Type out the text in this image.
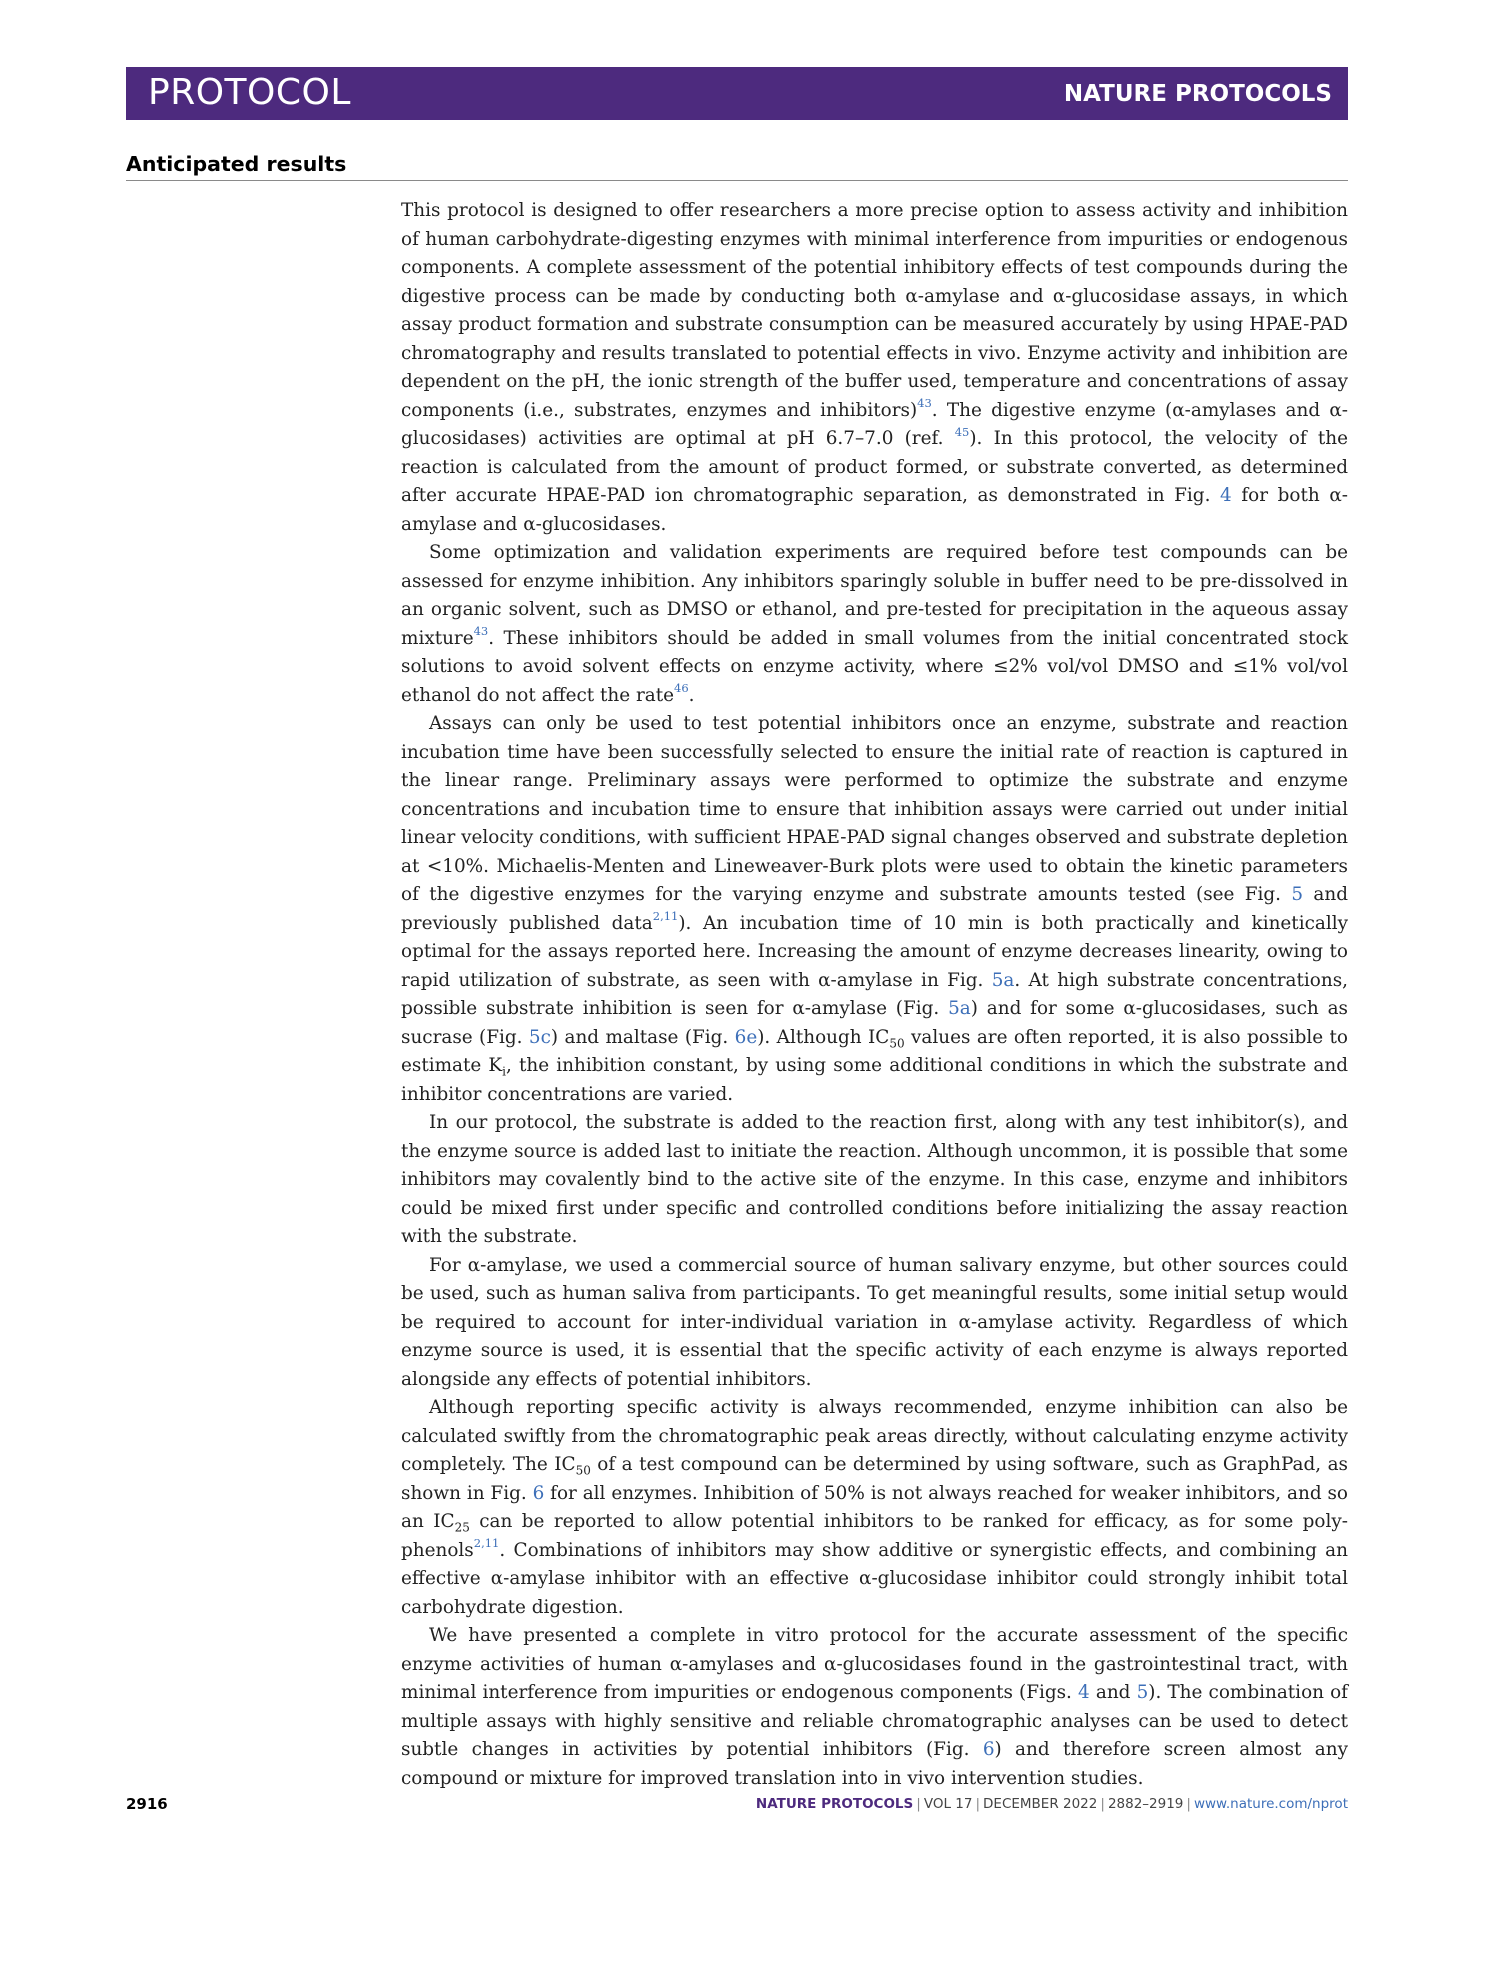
PROTOCOL	NATURE PROTOCOLS
Anticipated results

This protocol is designed to offer researchers a more precise option to assess activity and inhibition of human carbohydrate-digesting enzymes with minimal interference from impurities or endogenous components. A complete assessment of the potential inhibitory effects of test compounds during the digestive process can be made by conducting both α-amylase and α-glucosidase assays, in which assay product formation and substrate consumption can be measured accurately by using HPAE-PAD chromatography and results translated to potential effects in vivo. Enzyme activity and inhibition are dependent on the pH, the ionic strength of the buffer used, temperature and concentrations of assay components (i.e., substrates, enzymes and inhibitors)$^{43}$. The digestive enzyme (α-amylases and α-glucosidases) activities are optimal at pH 6.7–7.0 (ref. $^{45}$). In this protocol, the velocity of the reaction is calculated from the amount of product formed, or substrate converted, as determined after accurate HPAE-PAD ion chromatographic separation, as demonstrated in Fig. 4 for both α-amylase and α-glucosidases.

Some optimization and validation experiments are required before test compounds can be assessed for enzyme inhibition. Any inhibitors sparingly soluble in buffer need to be pre-dissolved in an organic solvent, such as DMSO or ethanol, and pre-tested for precipitation in the aqueous assay mixture$^{43}$. These inhibitors should be added in small volumes from the initial concentrated stock solutions to avoid solvent effects on enzyme activity, where ≤2% vol/vol DMSO and ≤1% vol/vol ethanol do not affect the rate$^{46}$.

Assays can only be used to test potential inhibitors once an enzyme, substrate and reaction incubation time have been successfully selected to ensure the initial rate of reaction is captured in the linear range. Preliminary assays were performed to optimize the substrate and enzyme concentrations and incubation time to ensure that inhibition assays were carried out under initial linear velocity conditions, with sufficient HPAE-PAD signal changes observed and substrate depletion at <10%. Michaelis-Menten and Lineweaver-Burk plots were used to obtain the kinetic parameters of the digestive enzymes for the varying enzyme and substrate amounts tested (see Fig. 5 and previously published data$^{2,11}$). An incubation time of 10 min is both practically and kinetically optimal for the assays reported here. Increasing the amount of enzyme decreases linearity, owing to rapid utilization of substrate, as seen with α-amylase in Fig. 5a. At high substrate concentrations, possible substrate inhibition is seen for α-amylase (Fig. 5a) and for some α-glucosidases, such as sucrase (Fig. 5c) and maltase (Fig. 6e). Although $IC_{50}$ values are often reported, it is also possible to estimate $K_i$, the inhibition constant, by using some additional conditions in which the substrate and inhibitor concentrations are varied.

In our protocol, the substrate is added to the reaction first, along with any test inhibitor(s), and the enzyme source is added last to initiate the reaction. Although uncommon, it is possible that some inhibitors may covalently bind to the active site of the enzyme. In this case, enzyme and inhibitors could be mixed first under specific and controlled conditions before initializing the assay reaction with the substrate.

For α-amylase, we used a commercial source of human salivary enzyme, but other sources could be used, such as human saliva from participants. To get meaningful results, some initial setup would be required to account for inter-individual variation in α-amylase activity. Regardless of which enzyme source is used, it is essential that the specific activity of each enzyme is always reported alongside any effects of potential inhibitors.

Although reporting specific activity is always recommended, enzyme inhibition can also be calculated swiftly from the chromatographic peak areas directly, without calculating enzyme activity completely. The $IC_{50}$ of a test compound can be determined by using software, such as GraphPad, as shown in Fig. 6 for all enzymes. Inhibition of 50% is not always reached for weaker inhibitors, and so an $IC_{25}$ can be reported to allow potential inhibitors to be ranked for efficacy, as for some poly-phenols$^{2,11}$. Combinations of inhibitors may show additive or synergistic effects, and combining an effective α-amylase inhibitor with an effective α-glucosidase inhibitor could strongly inhibit total carbohydrate digestion.

We have presented a complete in vitro protocol for the accurate assessment of the specific enzyme activities of human α-amylases and α-glucosidases found in the gastrointestinal tract, with minimal interference from impurities or endogenous components (Figs. 4 and 5). The combination of multiple assays with highly sensitive and reliable chromatographic analyses can be used to detect subtle changes in activities by potential inhibitors (Fig. 6) and therefore screen almost any compound or mixture for improved translation into in vivo intervention studies.

2916	NATURE PROTOCOLS | VOL 17 | DECEMBER 2022 | 2882–2919 | www.nature.com/nprot
